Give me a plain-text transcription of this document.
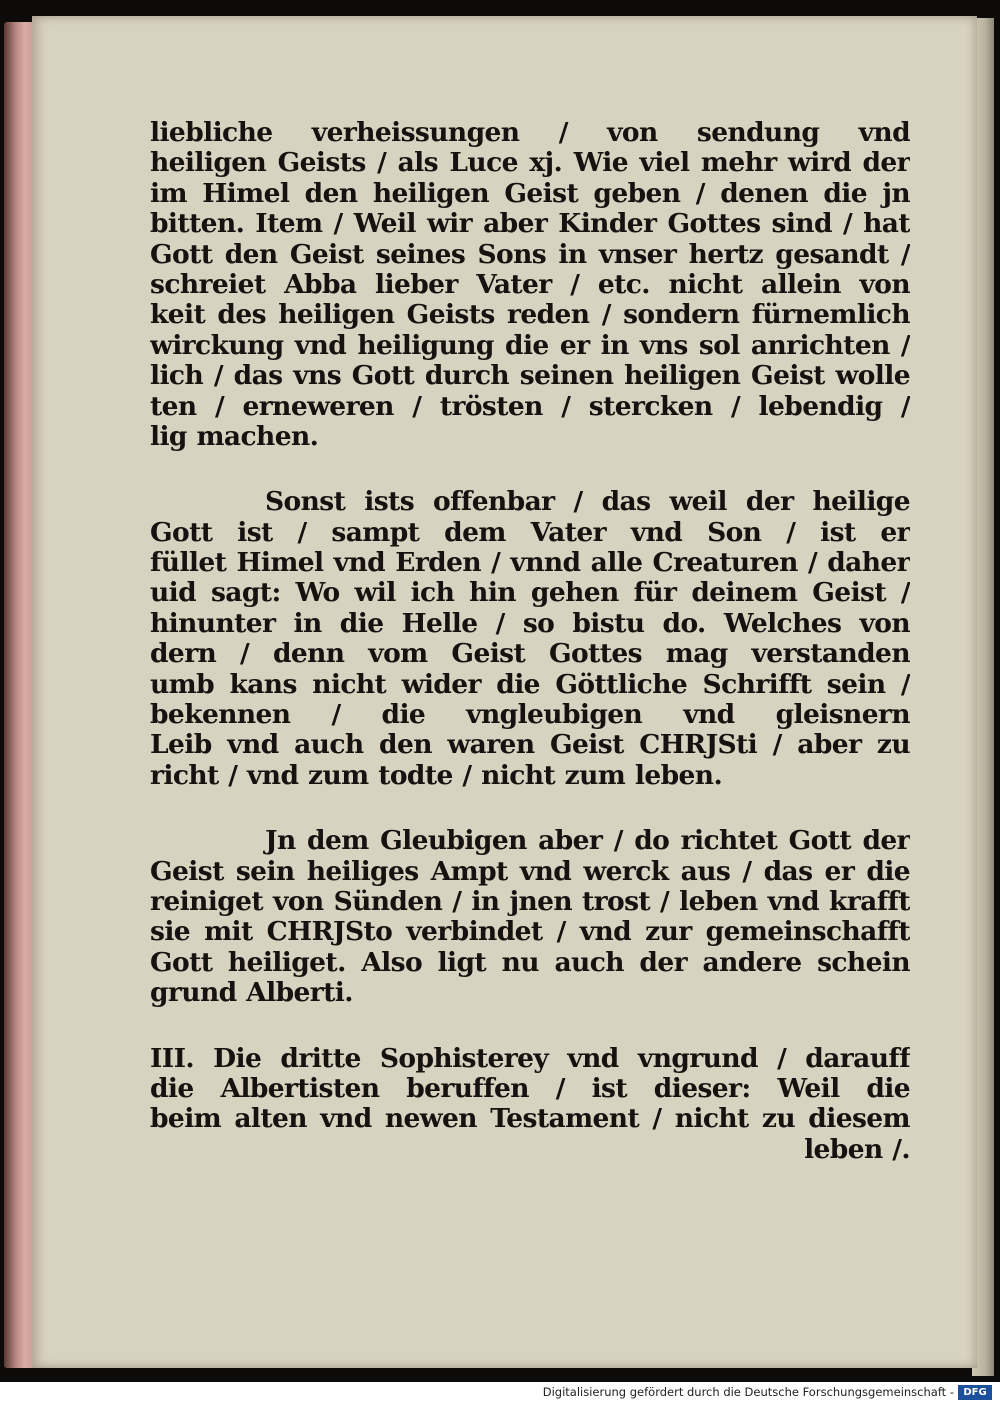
liebliche verheissungen / von sendung vnd
heiligen Geists / als Luce xj. Wie viel mehr wird der
im Himel den heiligen Geist geben / denen die jn
bitten. Item / Weil wir aber Kinder Gottes sind / hat
Gott den Geist seines Sons in vnser hertz gesandt /
schreiet Abba lieber Vater / etc. nicht allein von
keit des heiligen Geists reden / sondern fürnemlich
wirckung vnd heiligung die er in vns sol anrichten /
lich / das vns Gott durch seinen heiligen Geist wolle
ten / erneweren / trösten / stercken / lebendig /
lig machen.
Sonst ists offenbar / das weil der heilige
Gott ist / sampt dem Vater vnd Son / ist er
füllet Himel vnd Erden / vnnd alle Creaturen / daher
uid sagt: Wo wil ich hin gehen für deinem Geist /
hinunter in die Helle / so bistu do. Welches von
dern / denn vom Geist Gottes mag verstanden
umb kans nicht wider die Göttliche Schrifft sein /
bekennen / die vngleubigen vnd gleisnern
Leib vnd auch den waren Geist CHRJSti / aber zu
richt / vnd zum todte / nicht zum leben.
Jn dem Gleubigen aber / do richtet Gott der
Geist sein heiliges Ampt vnd werck aus / das er die
reiniget von Sünden / in jnen trost / leben vnd krafft
sie mit CHRJSto verbindet / vnd zur gemeinschafft
Gott heiliget. Also ligt nu auch der andere schein
grund Alberti.
III. Die dritte Sophisterey vnd vngrund / darauff
die Albertisten beruffen / ist dieser: Weil die
beim alten vnd newen Testament / nicht zu diesem
leben /.
Digitalisierung gefördert durch die Deutsche Forschungsgemeinschaft - DFG
